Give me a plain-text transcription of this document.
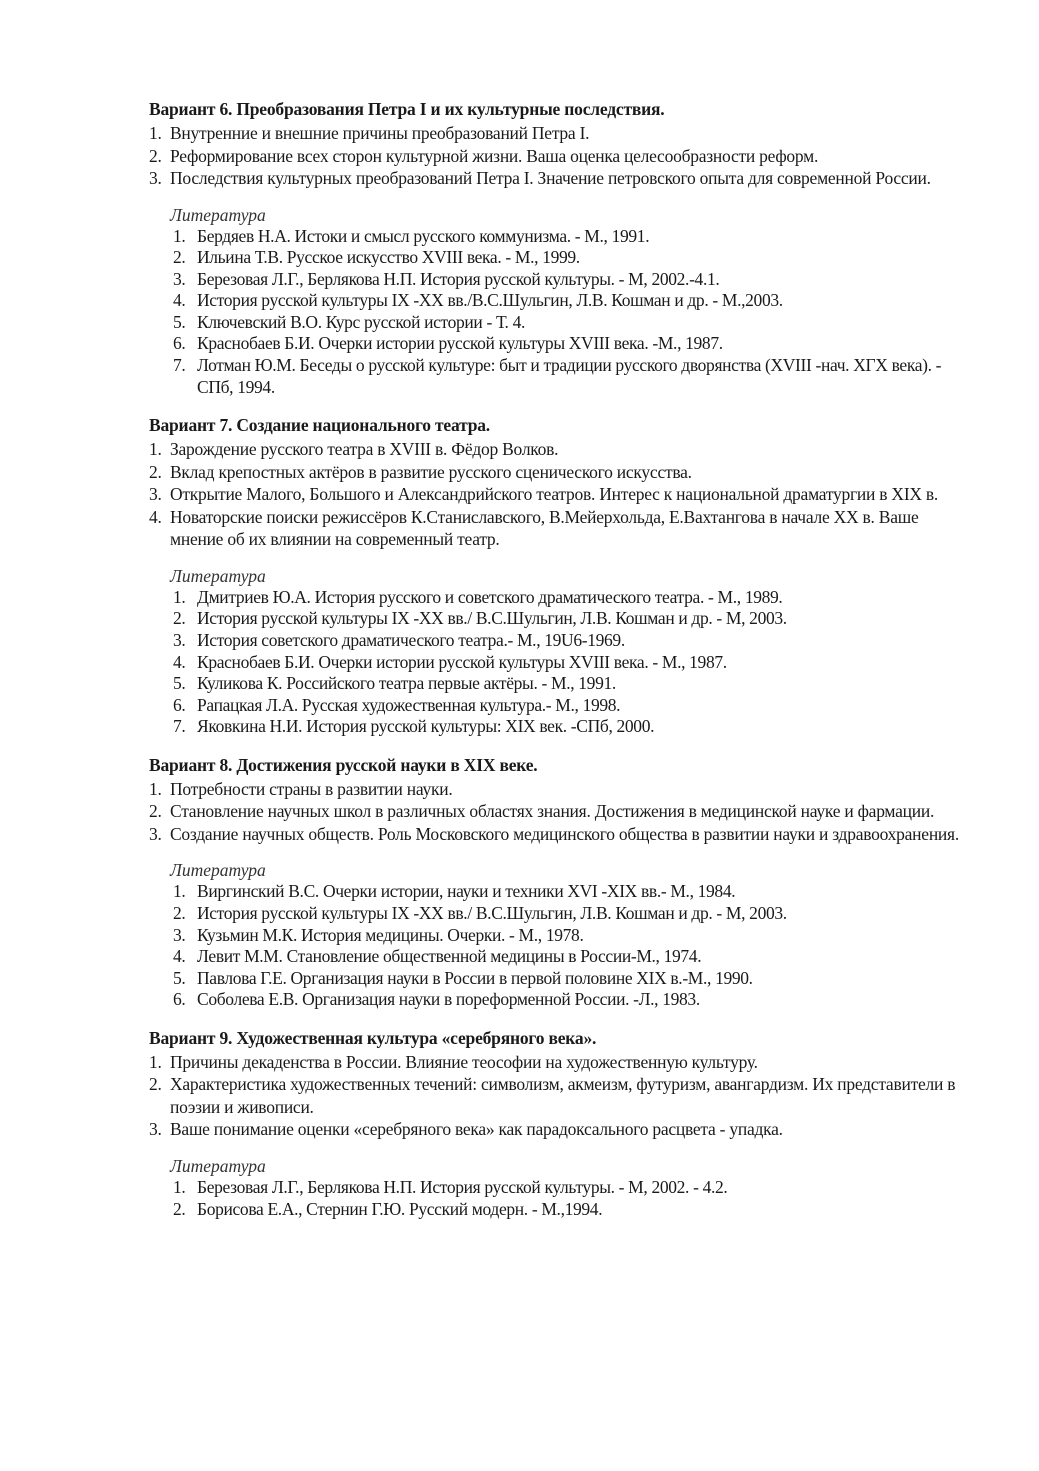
Вариант 6. Преобразования Петра I и их культурные последствия.
1. Внутренние и внешние причины преобразований Петра I.
2. Реформирование всех сторон культурной жизни. Ваша оценка целесообразности реформ.
3. Последствия культурных преобразований Петра I. Значение петровского опыта для современной России.
Литература
1. Бердяев Н.А. Истоки и смысл русского коммунизма. - М., 1991.
2. Ильина Т.В. Русское искусство XVIII века. - М., 1999.
3. Березовая Л.Г., Берлякова Н.П. История русской культуры. - М, 2002.-4.1.
4. История русской культуры IX -XX вв./В.С.Шульгин, Л.В. Кошман и др. - М.,2003.
5. Ключевский В.О. Курс русской истории - Т. 4.
6. Краснобаев Б.И. Очерки истории русской культуры XVIII века. -М., 1987.
7. Лотман Ю.М. Беседы о русской культуре: быт и традиции русского дворянства (XVIII -нач. XГX века). - СПб, 1994.
Вариант 7. Создание национального театра.
1. Зарождение русского театра в XVIII в. Фёдор Волков.
2. Вклад крепостных актёров в развитие русского сценического искусства.
3. Открытие Малого, Большого и Александрийского театров. Интерес к национальной драматургии в XIX в.
4. Новаторские поиски режиссёров К.Станиславского, В.Мейерхольда, Е.Вахтангова в начале XX в. Ваше мнение об их влиянии на современный театр.
Литература
1. Дмитриев Ю.А. История русского и советского драматического театра. - М., 1989.
2. История русской культуры IX -XX вв./ В.С.Шульгин, Л.В. Кошман и др. - М, 2003.
3. История советского драматического театра.- М., 19U6-1969.
4. Краснобаев Б.И. Очерки истории русской культуры XVIII века. - М., 1987.
5. Куликова К. Российского театра первые актёры. - М., 1991.
6. Рапацкая Л.А. Русская художественная культура.- М., 1998.
7. Яковкина Н.И. История русской культуры: XIX век. -СПб, 2000.
Вариант 8. Достижения русской науки в XIX веке.
1. Потребности страны в развитии науки.
2. Становление научных школ в различных областях знания. Достижения в медицинской науке и фармации.
3. Создание научных обществ. Роль Московского медицинского общества в развитии науки и здравоохранения.
Литература
1. Виргинский В.С. Очерки истории, науки и техники XVI -XIX вв.- М., 1984.
2. История русской культуры IX -XX вв./ В.С.Шульгин, Л.В. Кошман и др. - М, 2003.
3. Кузьмин М.К. История медицины. Очерки. - М., 1978.
4. Левит М.М. Становление общественной медицины в России-М., 1974.
5. Павлова Г.Е. Организация науки в России в первой половине XIX в.-М., 1990.
6. Соболева Е.В. Организация науки в пореформенной России. -Л., 1983.
Вариант 9. Художественная культура «серебряного века».
1. Причины декаденства в России. Влияние теософии на художественную культуру.
2. Характеристика художественных течений: символизм, акмеизм, футуризм, авангардизм. Их представители в поэзии и живописи.
3. Ваше понимание оценки «серебряного века» как парадоксального расцвета - упадка.
Литература
1. Березовая Л.Г., Берлякова Н.П. История русской культуры. - М, 2002. - 4.2.
2. Борисова Е.А., Стернин Г.Ю. Русский модерн. - М.,1994.
